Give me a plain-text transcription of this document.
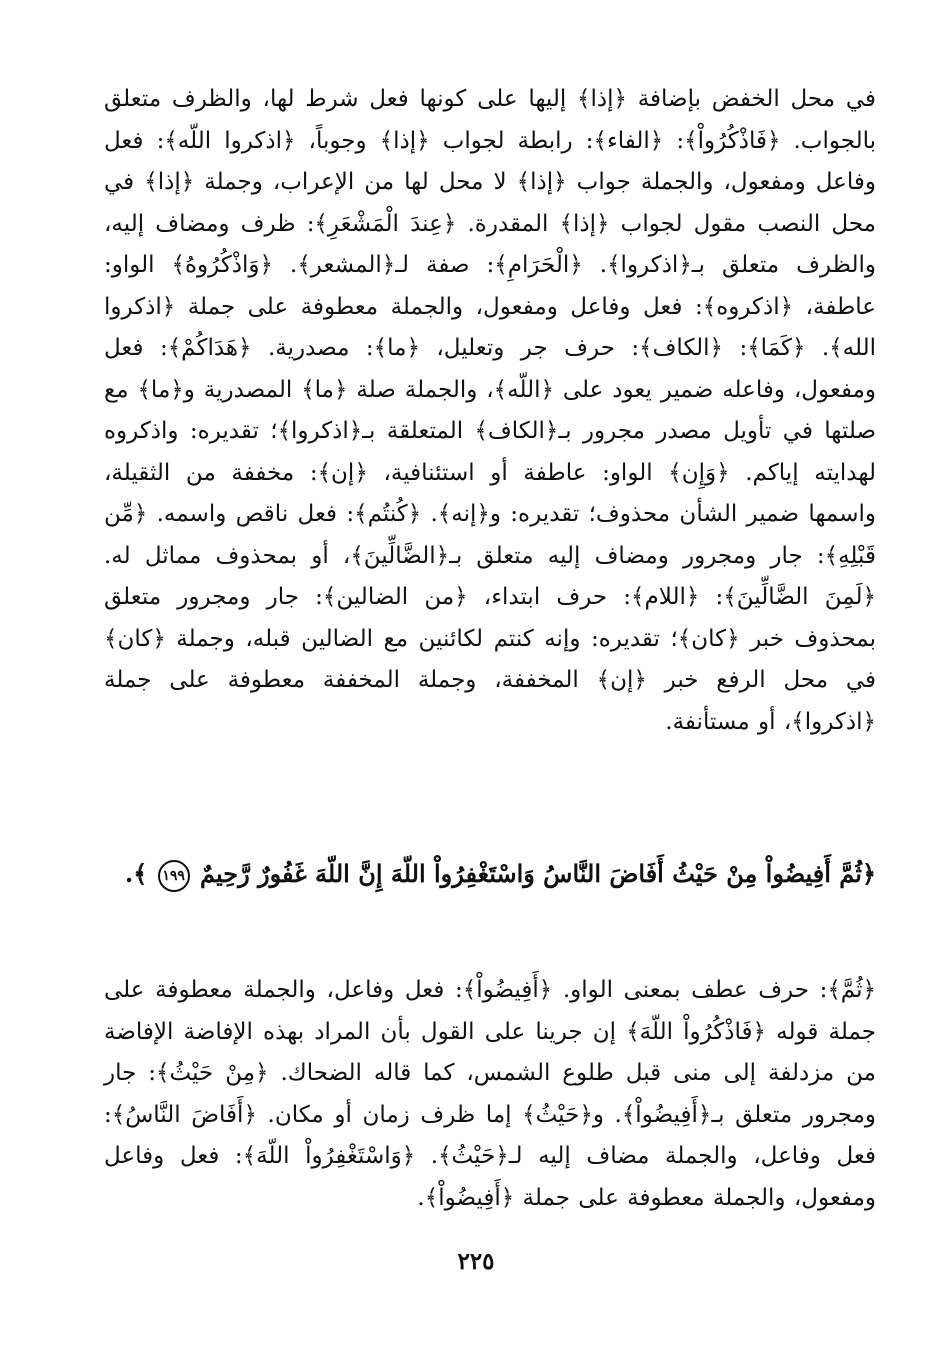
في محل الخفض بإضافة ﴿إذا﴾ إليها على كونها فعل شرط لها، والظرف متعلق بالجواب. ﴿فَاذْكُرُواْ﴾: ﴿الفاء﴾: رابطة لجواب ﴿إذا﴾ وجوباً، ﴿اذكروا اللّه﴾: فعل وفاعل ومفعول، والجملة جواب ﴿إذا﴾ لا محل لها من الإعراب، وجملة ﴿إذا﴾ في محل النصب مقول لجواب ﴿إذا﴾ المقدرة. ﴿عِندَ الْمَشْعَرِ﴾: ظرف ومضاف إليه، والظرف متعلق بـ﴿اذكروا﴾. ﴿الْحَرَامِ﴾: صفة لـ﴿المشعر﴾. ﴿وَاذْكُرُوهُ﴾ الواو: عاطفة، ﴿اذكروه﴾: فعل وفاعل ومفعول، والجملة معطوفة على جملة ﴿اذكروا الله﴾. ﴿كَمَا﴾: ﴿الكاف﴾: حرف جر وتعليل، ﴿ما﴾: مصدرية. ﴿هَدَاكُمْ﴾: فعل ومفعول، وفاعله ضمير يعود على ﴿اللّه﴾، والجملة صلة ﴿ما﴾ المصدرية و﴿ما﴾ مع صلتها في تأويل مصدر مجرور بـ﴿الكاف﴾ المتعلقة بـ﴿اذكروا﴾؛ تقديره: واذكروه لهدايته إياكم. ﴿وَإِن﴾ الواو: عاطفة أو استئنافية، ﴿إن﴾: مخففة من الثقيلة، واسمها ضمير الشأن محذوف؛ تقديره: و﴿إنه﴾. ﴿كُنتُم﴾: فعل ناقص واسمه. ﴿مِّن قَبْلِهِ﴾: جار ومجرور ومضاف إليه متعلق بـ﴿الضَّالِّينَ﴾، أو بمحذوف مماثل له. ﴿لَمِنَ الضَّالِّينَ﴾: ﴿اللام﴾: حرف ابتداء، ﴿من الضالين﴾: جار ومجرور متعلق بمحذوف خبر ﴿كان﴾؛ تقديره: وإنه كنتم لكائنين مع الضالين قبله، وجملة ﴿كان﴾ في محل الرفع خبر ﴿إن﴾ المخففة، وجملة المخففة معطوفة على جملة ﴿اذكروا﴾، أو مستأنفة.

﴿ثُمَّ أَفِيضُواْ مِنْ حَيْثُ أَفَاضَ النَّاسُ وَاسْتَغْفِرُواْ اللّهَ إِنَّ اللّهَ غَفُورٌ رَّحِيمٌ ١٩٩ ﴾.

﴿ثُمَّ﴾: حرف عطف بمعنى الواو. ﴿أَفِيضُواْ﴾: فعل وفاعل، والجملة معطوفة على جملة قوله ﴿فَاذْكُرُواْ اللّهَ﴾ إن جرينا على القول بأن المراد بهذه الإفاضة الإفاضة من مزدلفة إلى منى قبل طلوع الشمس، كما قاله الضحاك. ﴿مِنْ حَيْثُ﴾: جار ومجرور متعلق بـ﴿أَفِيضُواْ﴾. و﴿حَيْثُ﴾ إما ظرف زمان أو مكان. ﴿أَفَاضَ النَّاسُ﴾: فعل وفاعل، والجملة مضاف إليه لـ﴿حَيْثُ﴾. ﴿وَاسْتَغْفِرُواْ اللّهَ﴾: فعل وفاعل ومفعول، والجملة معطوفة على جملة ﴿أَفِيضُواْ﴾.

٢٢٥
